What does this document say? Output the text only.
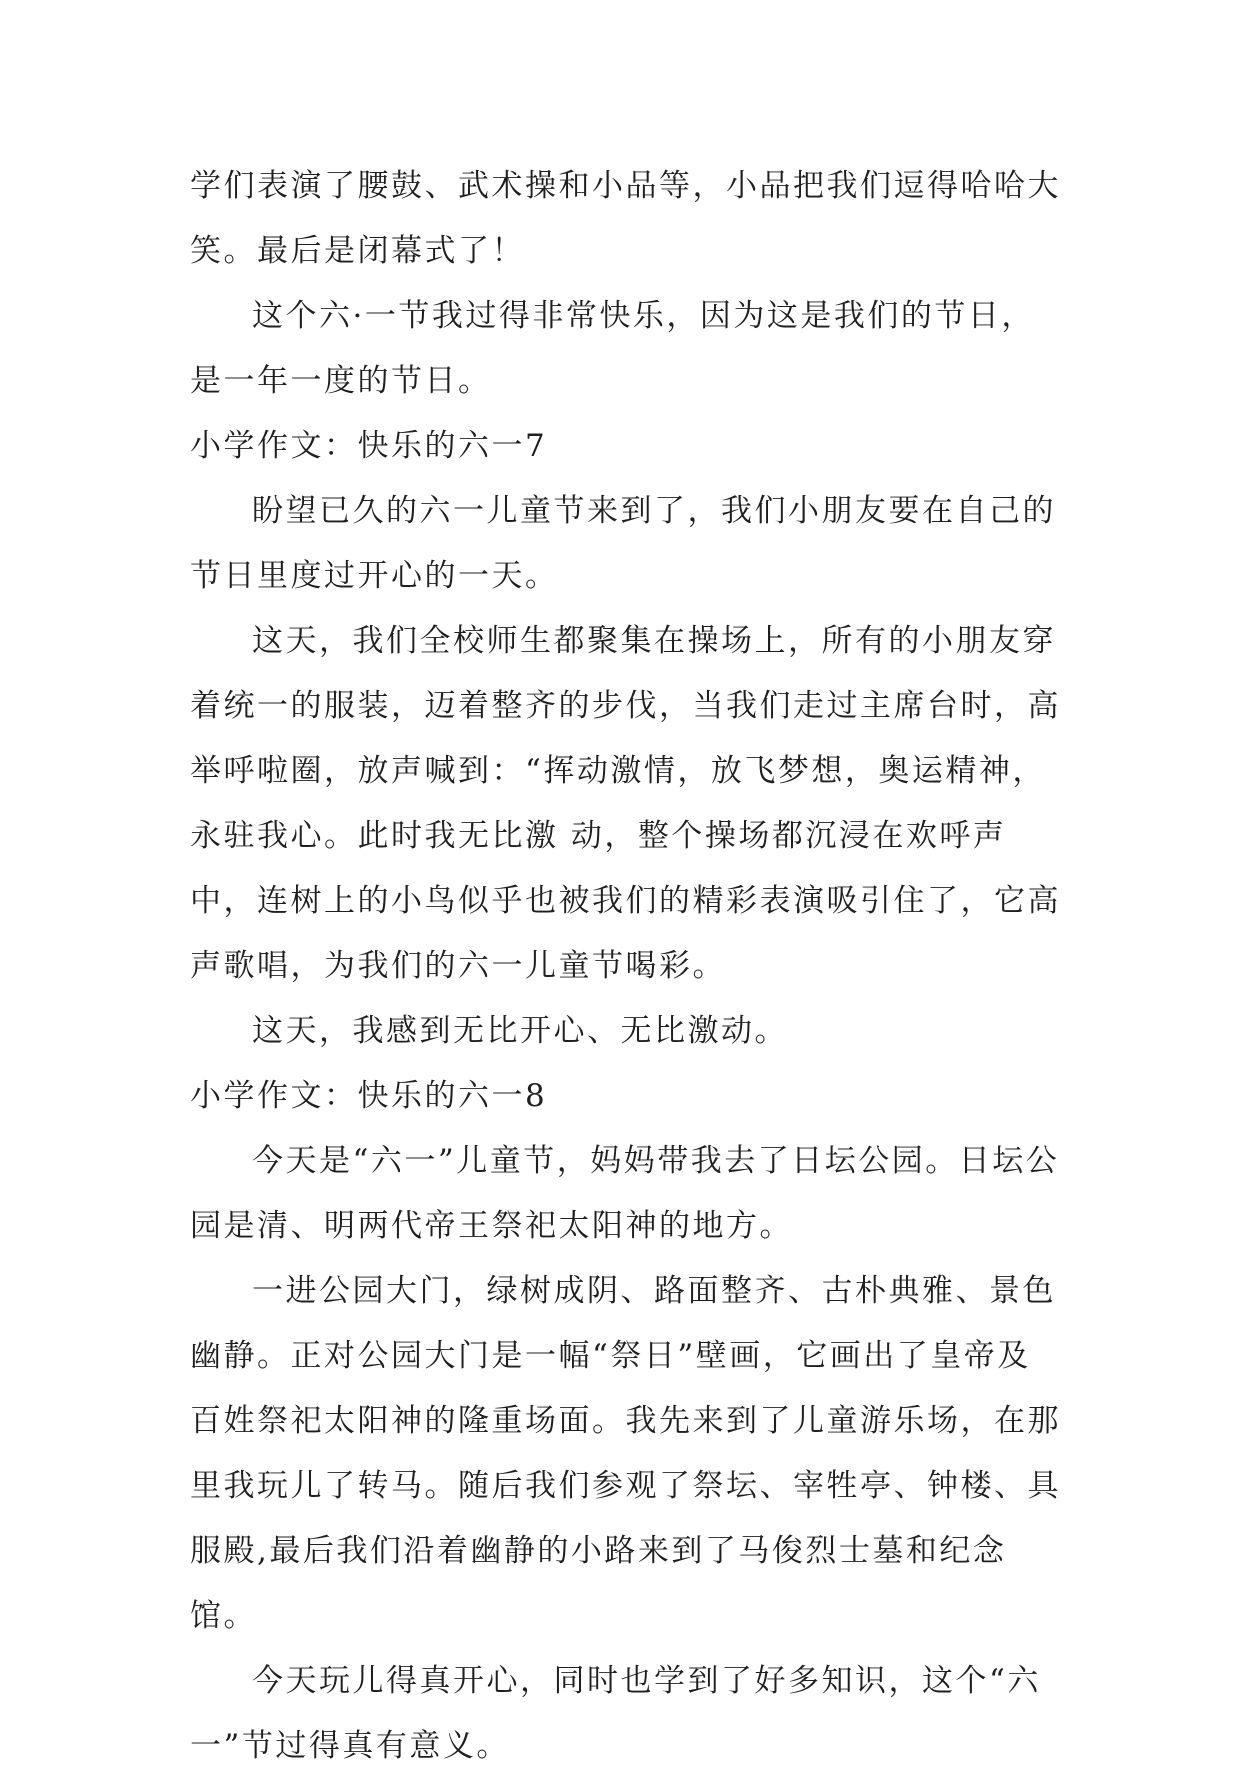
学们表演了腰鼓、武术操和小品等，小品把我们逗得哈哈大笑。最后是闭幕式了！

这个六·一节我过得非常快乐，因为这是我们的节日，是一年一度的节日。

小学作文：快乐的六一7

盼望已久的六一儿童节来到了，我们小朋友要在自己的节日里度过开心的一天。

这天，我们全校师生都聚集在操场上，所有的小朋友穿着统一的服装，迈着整齐的步伐，当我们走过主席台时，高举呼啦圈，放声喊到：“挥动激情，放飞梦想，奥运精神，永驻我心。此时我无比激 动，整个操场都沉浸在欢呼声中，连树上的小鸟似乎也被我们的精彩表演吸引住了，它高声歌唱，为我们的六一儿童节喝彩。

这天，我感到无比开心、无比激动。

小学作文：快乐的六一8

今天是“六一”儿童节，妈妈带我去了日坛公园。日坛公园是清、明两代帝王祭祀太阳神的地方。

一进公园大门，绿树成阴、路面整齐、古朴典雅、景色幽静。正对公园大门是一幅“祭日”壁画，它画出了皇帝及百姓祭祀太阳神的隆重场面。我先来到了儿童游乐场，在那里我玩儿了转马。随后我们参观了祭坛、宰牲亭、钟楼、具服殿,最后我们沿着幽静的小路来到了马俊烈士墓和纪念馆。

今天玩儿得真开心，同时也学到了好多知识，这个“六一”节过得真有意义。
